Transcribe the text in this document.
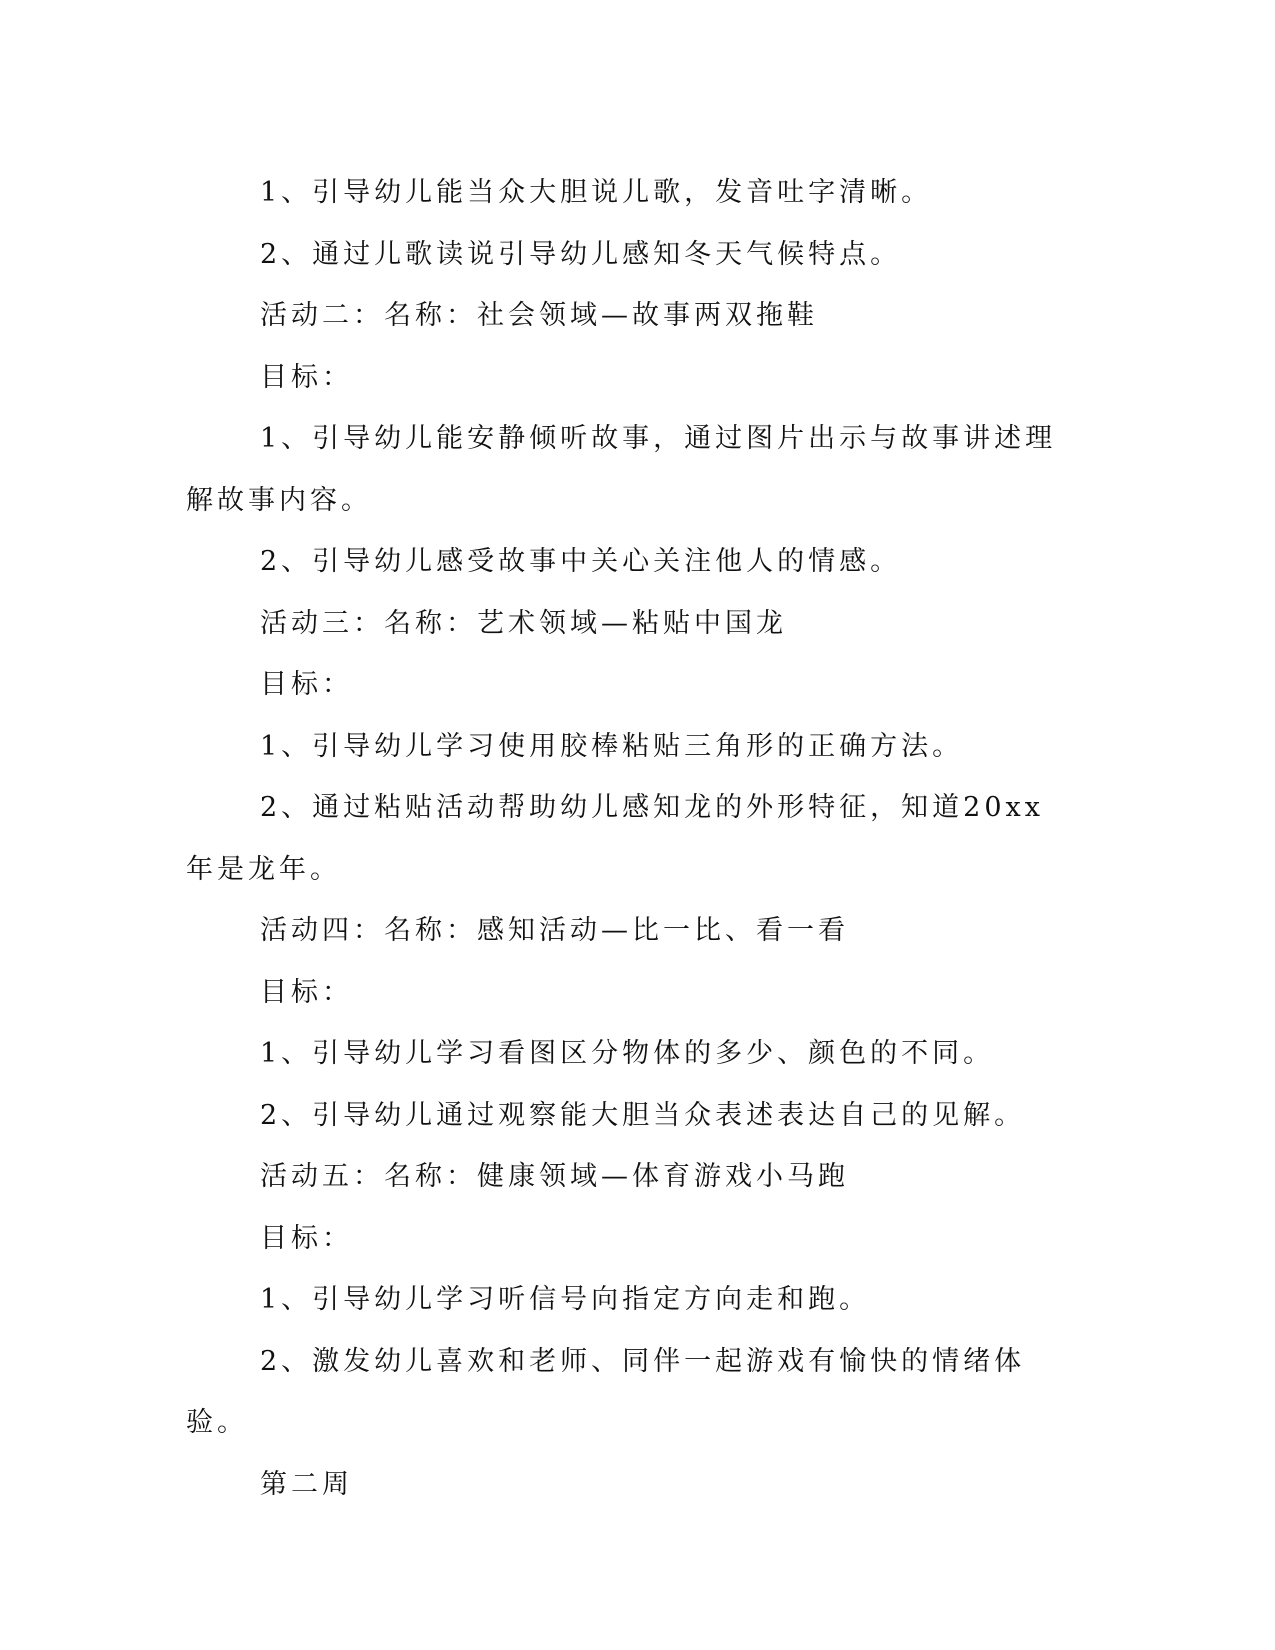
1、引导幼儿能当众大胆说儿歌，发音吐字清晰。

2、通过儿歌读说引导幼儿感知冬天气候特点。

活动二：名称：社会领域—故事两双拖鞋

目标：

1、引导幼儿能安静倾听故事，通过图片出示与故事讲述理解故事内容。

2、引导幼儿感受故事中关心关注他人的情感。

活动三：名称：艺术领域—粘贴中国龙

目标：

1、引导幼儿学习使用胶棒粘贴三角形的正确方法。

2、通过粘贴活动帮助幼儿感知龙的外形特征，知道20xx年是龙年。

活动四：名称：感知活动—比一比、看一看

目标：

1、引导幼儿学习看图区分物体的多少、颜色的不同。

2、引导幼儿通过观察能大胆当众表述表达自己的见解。

活动五：名称：健康领域—体育游戏小马跑

目标：

1、引导幼儿学习听信号向指定方向走和跑。

2、激发幼儿喜欢和老师、同伴一起游戏有愉快的情绪体验。

第二周
